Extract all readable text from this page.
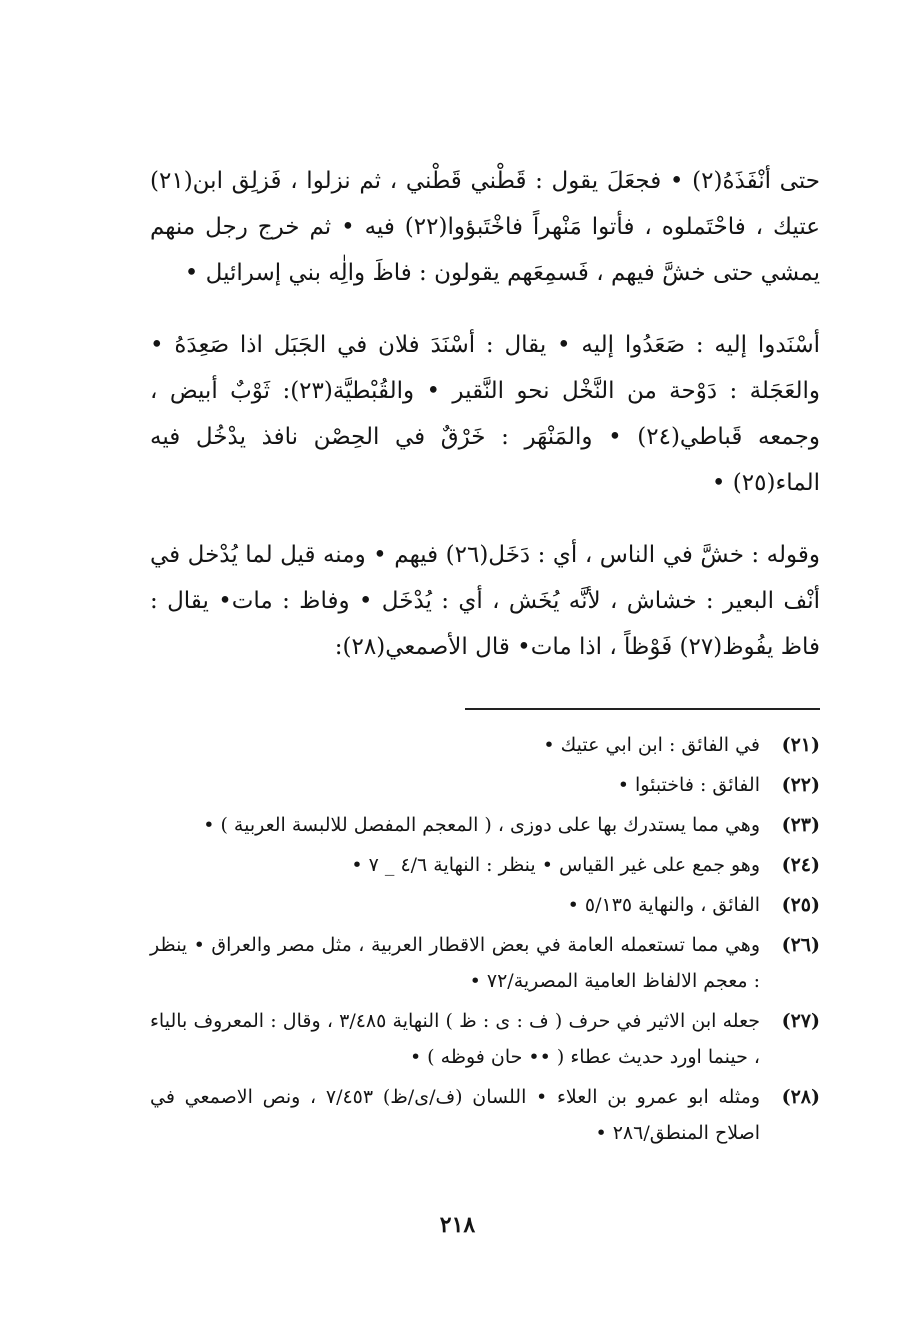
حتى أنْفَذَهُ(٢) • فجعَلَ يقول : قَطْني قَطْني ، ثم نزلوا ، فَزلِق ابن(٢١) عتيك ، فاحْتَملوه ، فأتوا مَنْهراً فاخْتَبؤوا(٢٢) فيه • ثم خرج رجل منهم يمشي حتى خشَّ فيهم ، فَسمِعَهم يقولون : فاظَ والِٰه بني إسرائيل •

أسْنَدوا إليه : صَعَدُوا إليه • يقال : أسْنَدَ فلان في الجَبَل اذا صَعِدَهُ • والعَجَلة : دَوْحة من النَّخْل نحو النَّقير • والقُبْطيَّة(٢٣): ثَوْبٌ أبيض ، وجمعه قَباطي(٢٤) • والمَنْهَر : خَرْقٌ في الحِصْن نافذ يدْخُل فيه الماء(٢٥) •

وقوله : خشَّ في الناس ، أي : دَخَل(٢٦) فيهم • ومنه قيل لما يُدْخل في أنْف البعير : خشاش ، لأنَّه يُخَش ، أي : يُدْخَل • وفاظ : مات• يقال : فاظ يفُوظ(٢٧) فَوْظاً ، اذا مات• قال الأصمعي(٢٨):

(٢١)
في الفائق : ابن ابي عتيك •
(٢٢)
الفائق : فاختبئوا •
(٢٣)
وهي مما يستدرك بها على دوزى ، ( المعجم المفصل للالبسة العربية ) •
(٢٤)
وهو جمع على غير القياس • ينظر : النهاية ٤/٦ _ ٧ •
(٢٥)
الفائق ، والنهاية ٥/١٣٥ •
(٢٦)
وهي مما تستعمله العامة في بعض الاقطار العربية ، مثل مصر والعراق • ينظر : معجم الالفاظ العامية المصرية/٧٢ •
(٢٧)
جعله ابن الاثير في حرف ( ف : ى : ظ ) النهاية ٣/٤٨٥ ، وقال : المعروف بالياء ، حينما اورد حديث عطاء ( •• حان فوظه ) •
(٢٨)
ومثله ابو عمرو بن العلاء • اللسان (ف/ى/ظ) ٧/٤٥٣ ، ونص الاصمعي في اصلاح المنطق/٢٨٦ •
٢١٨
